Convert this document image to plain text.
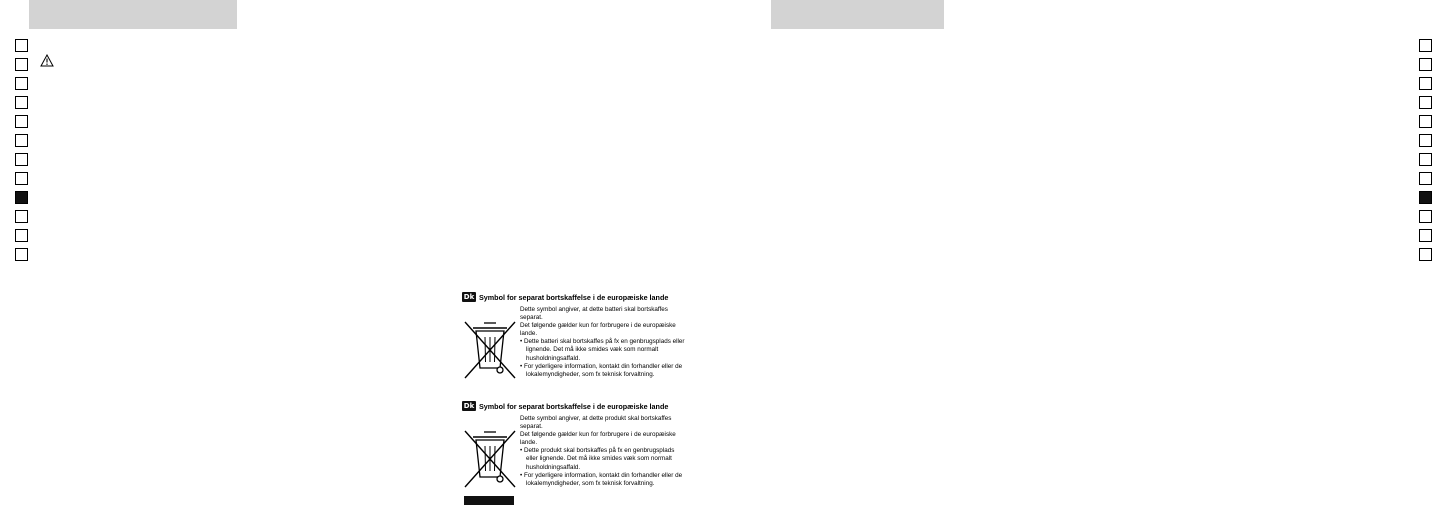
Dk Symbol for separat bortskaffelse i de europæiske lande

Dette symbol angiver, at dette batteri skal bortskaffes separat.

Det følgende gælder kun for forbrugere i de europæiske lande.

• Dette batteri skal bortskaffes på fx en genbrugsplads eller lignende. Det må ikke smides væk som normalt husholdningsaffald.

• For yderligere information, kontakt din forhandler eller de lokalemyndigheder, som fx teknisk forvaltning.

Dk Symbol for separat bortskaffelse i de europæiske lande

Dette symbol angiver, at dette produkt skal bortskaffes separat.

Det følgende gælder kun for forbrugere i de europæiske lande.

• Dette produkt skal bortskaffes på fx en genbrugsplads eller lignende. Det må ikke smides væk som normalt husholdningsaffald.

• For yderligere information, kontakt din forhandler eller de lokalemyndigheder, som fx teknisk forvaltning.
